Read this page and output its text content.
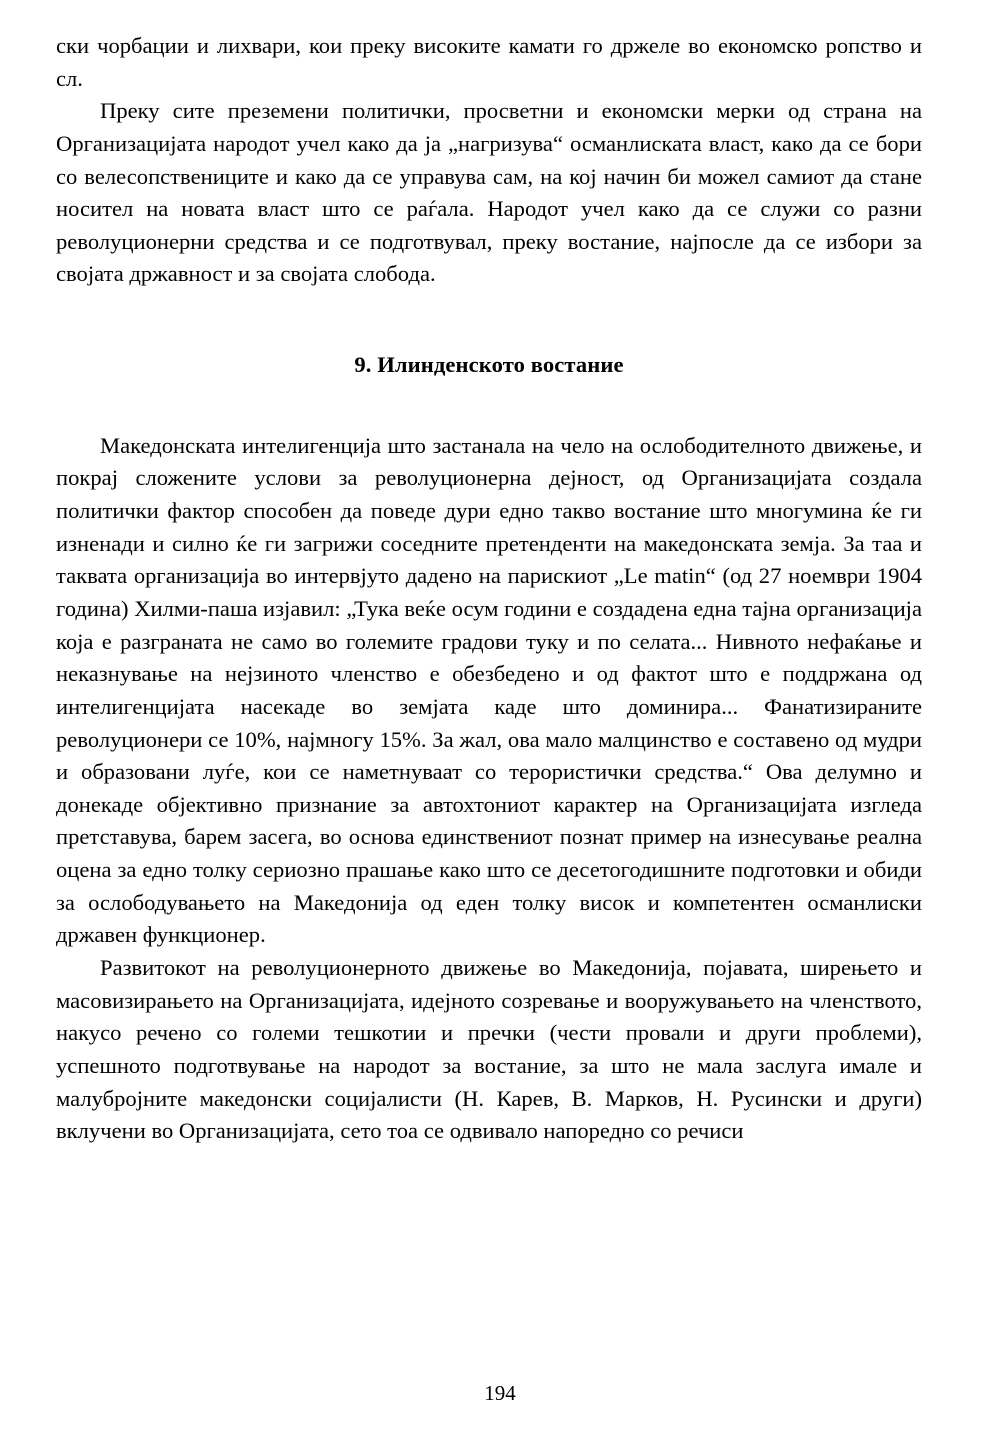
ски чорбации и лихвари, кои преку високите камати го држеле во економско ропство и сл.

Преку сите преземени политички, просветни и економски мерки од страна на Организацијата народот учел како да ја „нагризува“ османлиската власт, како да се бори со велесопствениците и како да се управува сам, на кој начин би можел самиот да стане носител на новата власт што се раѓала. Народот учел како да се служи со разни револуционерни средства и се подготвувал, преку востание, најпосле да се избори за својата државност и за својата слобода.

9. Илинденското востание

Македонската интелигенција што застанала на чело на ослободителното движење, и покрај сложените услови за револуционерна дејност, од Организацијата создала политички фактор способен да поведе дури едно такво востание што многумина ќе ги изненади и силно ќе ги загрижи соседните претенденти на македонската земја. За таа и таквата организација во интервјуто дадено на парискиот „Le matin“ (од 27 ноември 1904 година) Хилми-паша изјавил: „Тука веќе осум години е создадена една тајна организација која е разграната не само во големите градови туку и по селата... Нивното нефаќање и неказнување на нејзиното членство е обезбедено и од фактот што е поддржана од интелигенцијата насекаде во земјата каде што доминира... Фанатизираните револуционери се 10%, најмногу 15%. За жал, ова мало малцинство е составено од мудри и образовани луѓе, кои се наметнуваат со терористички средства.“ Ова делумно и донекаде објективно признание за автохтониот карактер на Организацијата изгледа претставува, барем засега, во основа единствениот познат пример на изнесување реална оцена за едно толку сериозно прашање како што се десетогодишните подготовки и обиди за ослободувањето на Македонија од еден толку висок и компетентен османлиски државен функционер.

Развитокот на револуционерното движење во Македонија, појавата, ширењето и масовизирањето на Организацијата, идејното созревање и вооружувањето на членството, накусо речено со големи тешкотии и пречки (чести провали и други проблеми), успешното подготвување на народот за востание, за што не мала заслуга имале и малубројните македонски социјалисти (Н. Карев, В. Марков, Н. Русински и други) вклучени во Организацијата, сето тоа се одвивало напоредно со речиси

194
